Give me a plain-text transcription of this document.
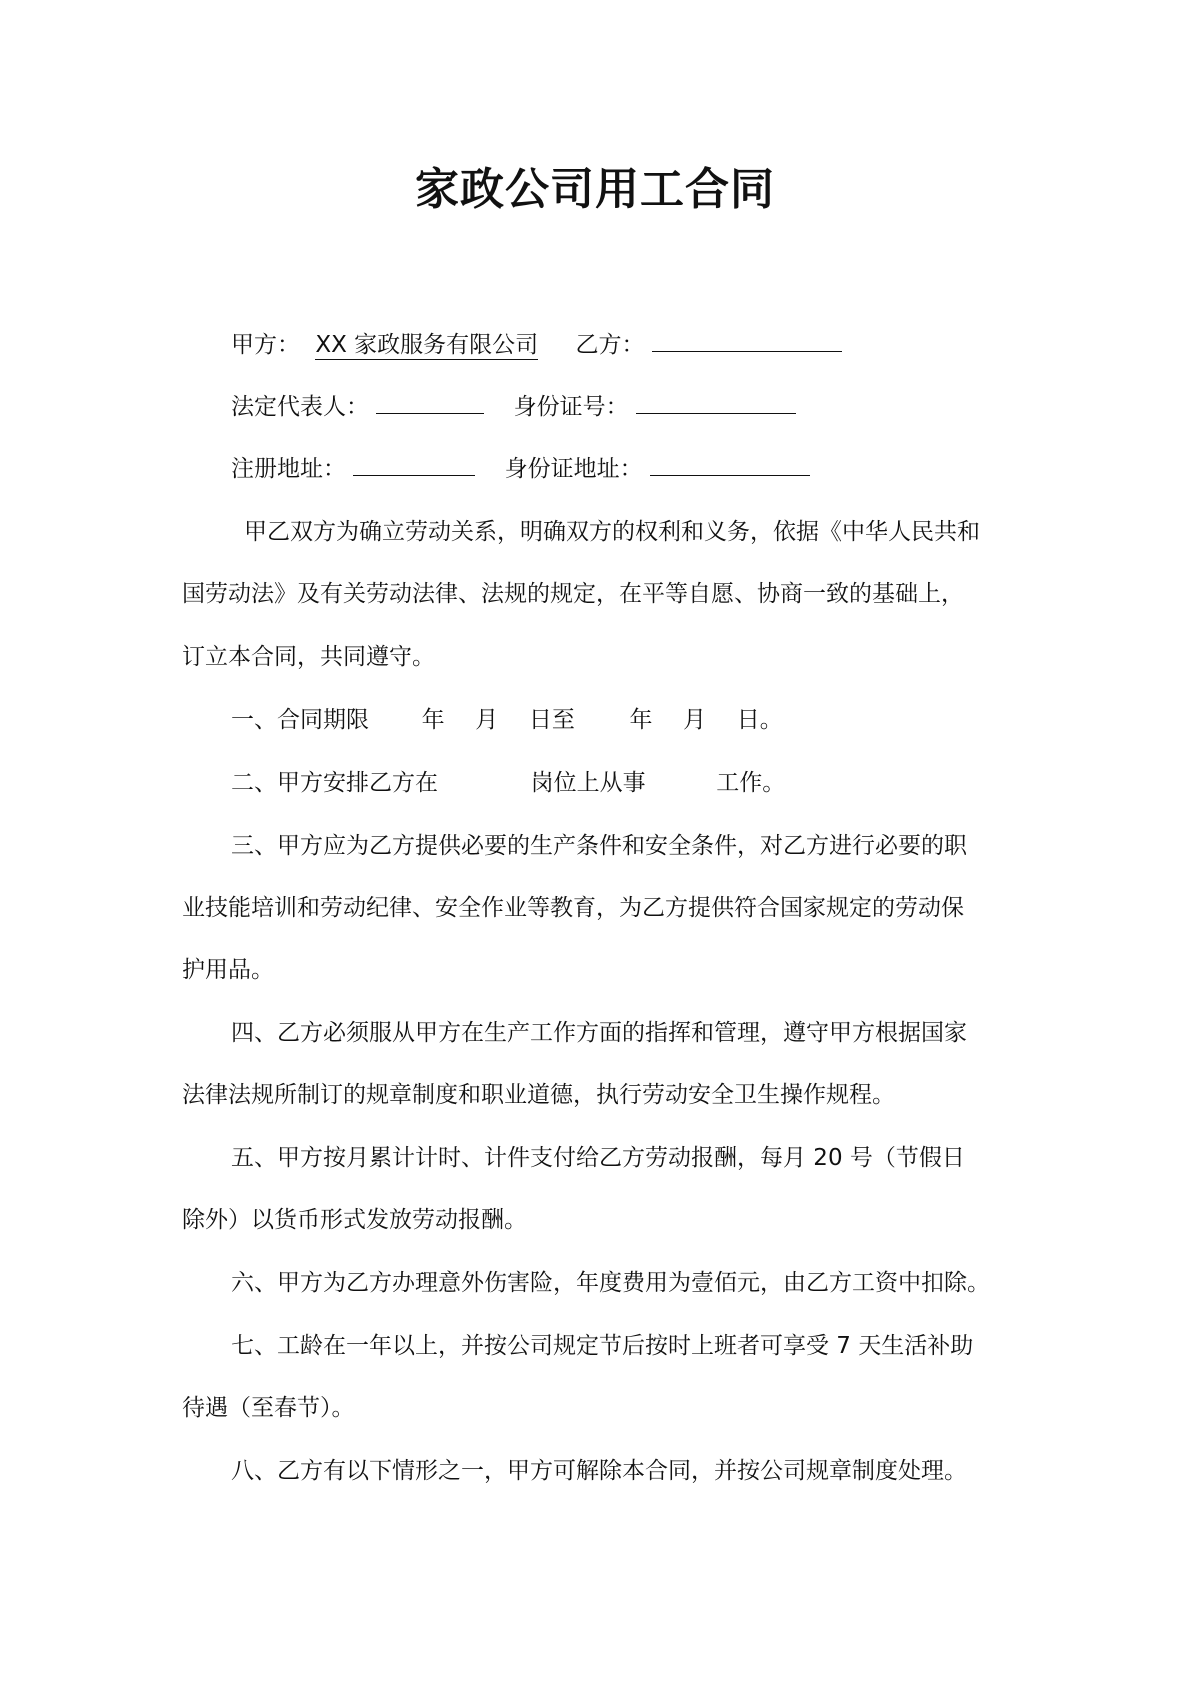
家政公司用工合同
甲方： XX 家政服务有限公司 乙方：
法定代表人：	身份证号：
注册地址：	身份证地址：
甲乙双方为确立劳动关系，明确双方的权利和义务，依据《中华人民共和
国劳动法》及有关劳动法律、法规的规定，在平等自愿、协商一致的基础上，
订立本合同，共同遵守。
一、合同期限 年 月 日至 年 月 日。
二、甲方安排乙方在	岗位上从事	工作。
三、甲方应为乙方提供必要的生产条件和安全条件，对乙方进行必要的职
业技能培训和劳动纪律、安全作业等教育，为乙方提供符合国家规定的劳动保
护用品。
四、乙方必须服从甲方在生产工作方面的指挥和管理，遵守甲方根据国家
法律法规所制订的规章制度和职业道德，执行劳动安全卫生操作规程。
五、甲方按月累计计时、计件支付给乙方劳动报酬，每月 20 号（节假日
除外）以货币形式发放劳动报酬。
六、甲方为乙方办理意外伤害险，年度费用为壹佰元，由乙方工资中扣除。
七、工龄在一年以上，并按公司规定节后按时上班者可享受 7 天生活补助
待遇（至春节）。
八、乙方有以下情形之一，甲方可解除本合同，并按公司规章制度处理。
